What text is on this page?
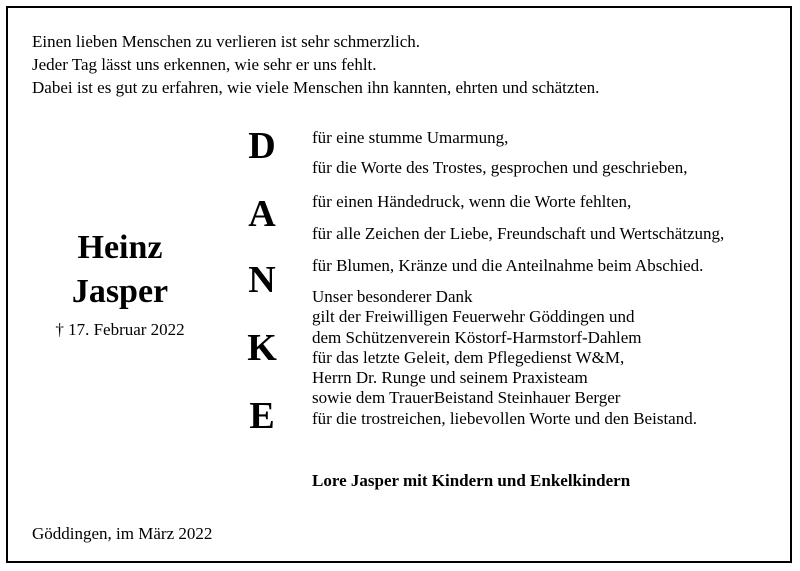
Einen lieben Menschen zu verlieren ist sehr schmerzlich.
Jeder Tag lässt uns erkennen, wie sehr er uns fehlt.
Dabei ist es gut zu erfahren, wie viele Menschen ihn kannten, ehrten und schätzten.
Heinz
Jasper
† 17. Februar 2022
D
A
N
K
E
für eine stumme Umarmung,
für die Worte des Trostes, gesprochen und geschrieben,
für einen Händedruck, wenn die Worte fehlten,
für alle Zeichen der Liebe, Freundschaft und Wertschätzung,
für Blumen, Kränze und die Anteilnahme beim Abschied.
Unser besonderer Dank
gilt der Freiwilligen Feuerwehr Göddingen und
dem Schützenverein Köstorf-Harmstorf-Dahlem
für das letzte Geleit, dem Pflegedienst W&M,
Herrn Dr. Runge und seinem Praxisteam
sowie dem TrauerBeistand Steinhauer Berger
für die trostreichen, liebevollen Worte und den Beistand.
Lore Jasper mit Kindern und Enkelkindern
Göddingen, im März 2022
